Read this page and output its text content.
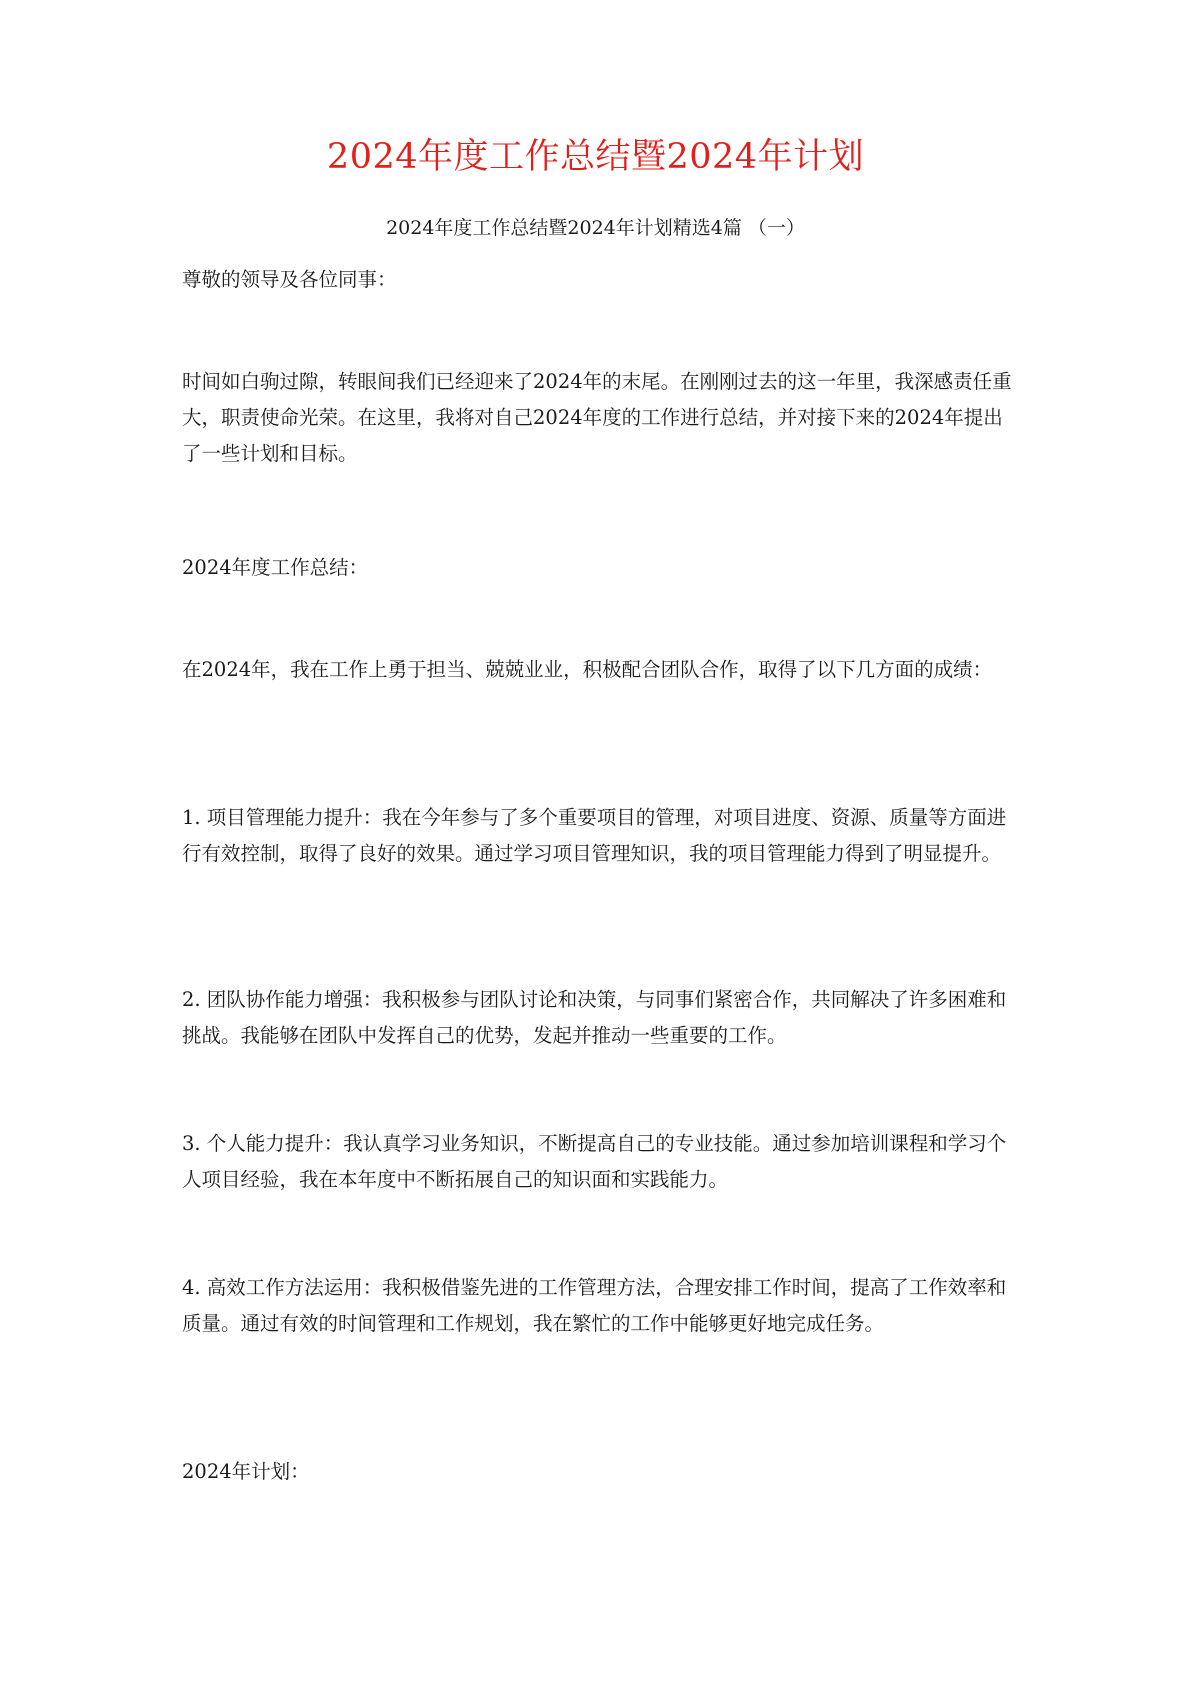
2024年度工作总结暨2024年计划
2024年度工作总结暨2024年计划精选4篇 （一）

尊敬的领导及各位同事：

时间如白驹过隙，转眼间我们已经迎来了2024年的末尾。在刚刚过去的这一年里，我深感责任重大，职责使命光荣。在这里，我将对自己2024年度的工作进行总结，并对接下来的2024年提出了一些计划和目标。

2024年度工作总结：

在2024年，我在工作上勇于担当、兢兢业业，积极配合团队合作，取得了以下几方面的成绩：

1. 项目管理能力提升：我在今年参与了多个重要项目的管理，对项目进度、资源、质量等方面进行有效控制，取得了良好的效果。通过学习项目管理知识，我的项目管理能力得到了明显提升。

2. 团队协作能力增强：我积极参与团队讨论和决策，与同事们紧密合作，共同解决了许多困难和挑战。我能够在团队中发挥自己的优势，发起并推动一些重要的工作。

3. 个人能力提升：我认真学习业务知识，不断提高自己的专业技能。通过参加培训课程和学习个人项目经验，我在本年度中不断拓展自己的知识面和实践能力。

4. 高效工作方法运用：我积极借鉴先进的工作管理方法，合理安排工作时间，提高了工作效率和质量。通过有效的时间管理和工作规划，我在繁忙的工作中能够更好地完成任务。

2024年计划：
